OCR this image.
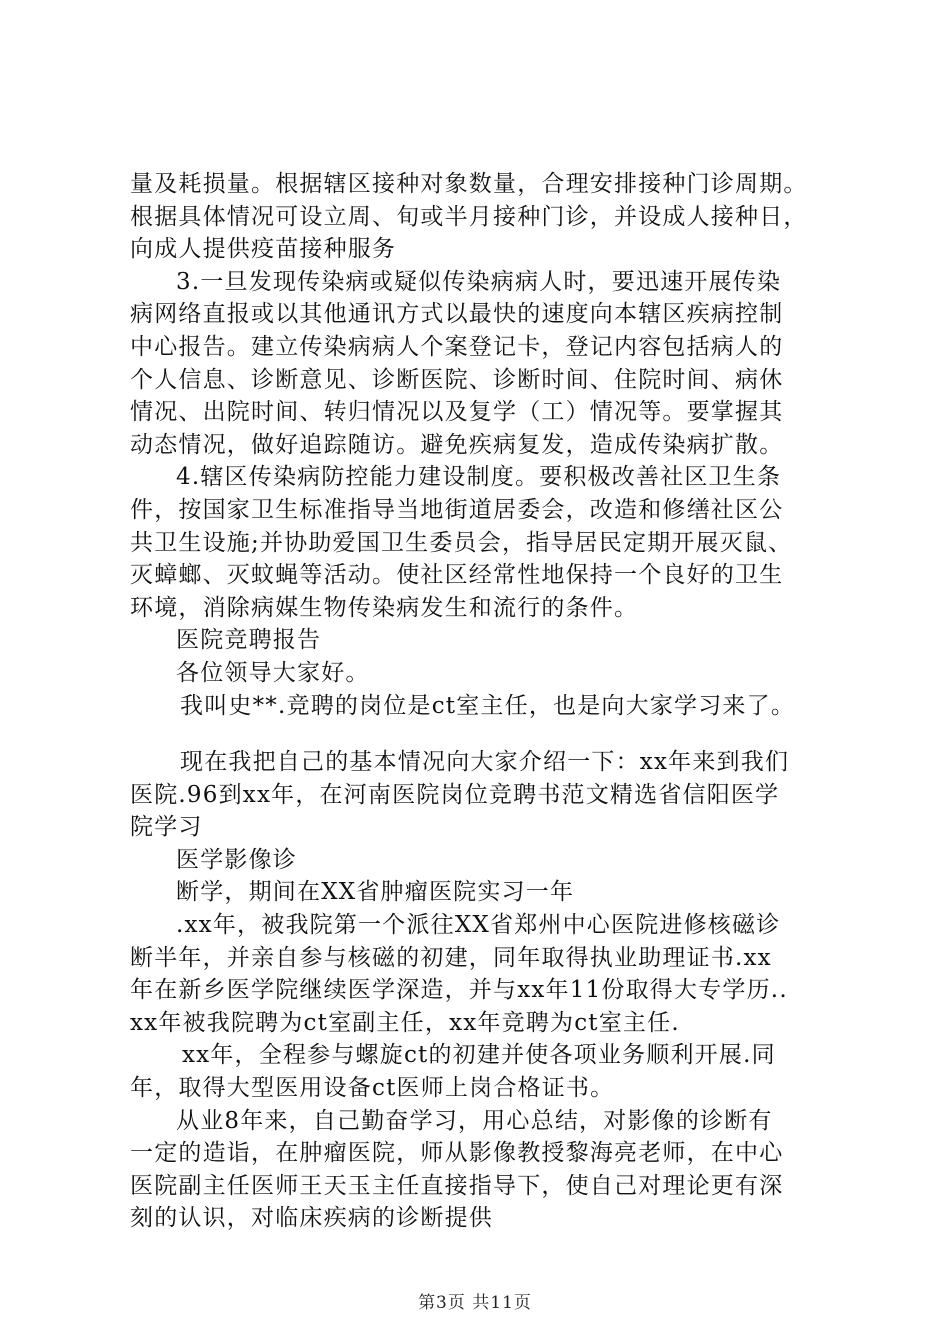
量及耗损量。根据辖区接种对象数量，合理安排接种门诊周期。
根据具体情况可设立周、旬或半月接种门诊，并设成人接种日，
向成人提供疫苗接种服务
3.一旦发现传染病或疑似传染病病人时，要迅速开展传染
病网络直报或以其他通讯方式以最快的速度向本辖区疾病控制
中心报告。建立传染病病人个案登记卡，登记内容包括病人的
个人信息、诊断意见、诊断医院、诊断时间、住院时间、病休
情况、出院时间、转归情况以及复学（工）情况等。要掌握其
动态情况，做好追踪随访。避免疾病复发，造成传染病扩散。
4.辖区传染病防控能力建设制度。要积极改善社区卫生条
件，按国家卫生标准指导当地街道居委会，改造和修缮社区公
共卫生设施;并协助爱国卫生委员会，指导居民定期开展灭鼠、
灭蟑螂、灭蚊蝇等活动。使社区经常性地保持一个良好的卫生
环境，消除病媒生物传染病发生和流行的条件。
医院竞聘报告
各位领导大家好。
我叫史**.竞聘的岗位是ct室主任，也是向大家学习来了。
现在我把自己的基本情况向大家介绍一下：xx年来到我们
医院.96到xx年，在河南医院岗位竞聘书范文精选省信阳医学
院学习
医学影像诊
断学，期间在XX省肿瘤医院实习一年
.xx年，被我院第一个派往XX省郑州中心医院进修核磁诊
断半年，并亲自参与核磁的初建，同年取得执业助理证书.xx
年在新乡医学院继续医学深造，并与xx年11份取得大专学历..
xx年被我院聘为ct室副主任，xx年竞聘为ct室主任.
xx年，全程参与螺旋ct的初建并使各项业务顺利开展.同
年，取得大型医用设备ct医师上岗合格证书。
从业8年来，自己勤奋学习，用心总结，对影像的诊断有
一定的造诣，在肿瘤医院，师从影像教授黎海亮老师，在中心
医院副主任医师王天玉主任直接指导下，使自己对理论更有深
刻的认识，对临床疾病的诊断提供
第3页 共11页
